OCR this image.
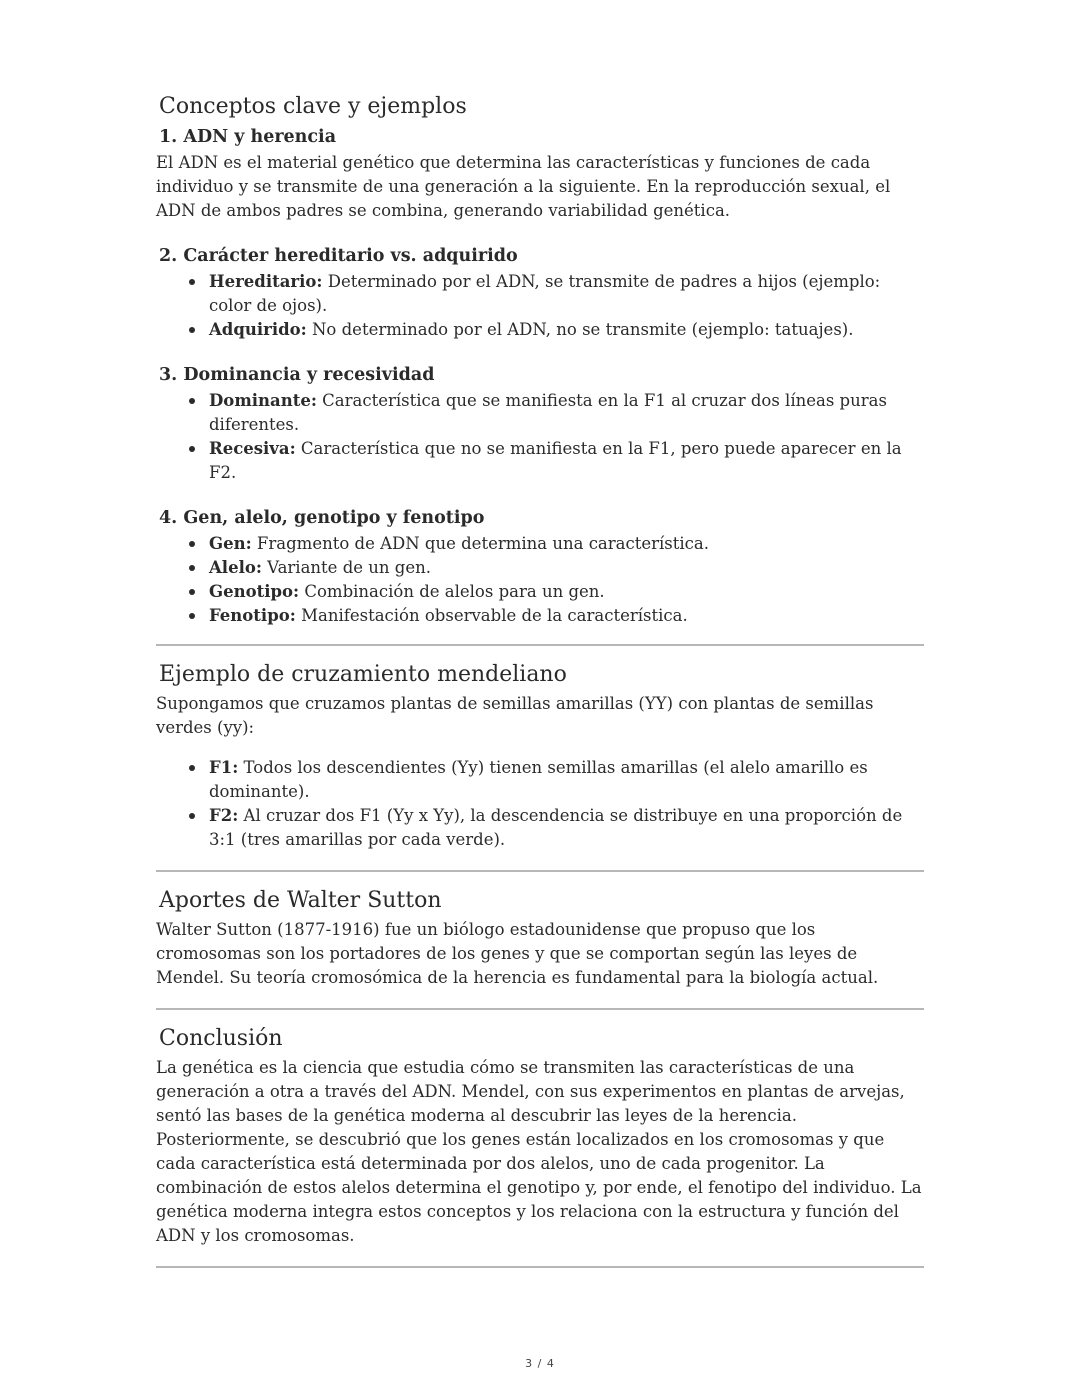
Conceptos clave y ejemplos
1. ADN y herencia

El ADN es el material genético que determina las características y funciones de cada individuo y se transmite de una generación a la siguiente. En la reproducción sexual, el ADN de ambos padres se combina, generando variabilidad genética.

2. Carácter hereditario vs. adquirido
Hereditario: Determinado por el ADN, se transmite de padres a hijos (ejemplo: color de ojos).
Adquirido: No determinado por el ADN, no se transmite (ejemplo: tatuajes).
3. Dominancia y recesividad
Dominante: Característica que se manifiesta en la F1 al cruzar dos líneas puras diferentes.
Recesiva: Característica que no se manifiesta en la F1, pero puede aparecer en la F2.
4. Gen, alelo, genotipo y fenotipo
Gen: Fragmento de ADN que determina una característica.
Alelo: Variante de un gen.
Genotipo: Combinación de alelos para un gen.
Fenotipo: Manifestación observable de la característica.
Ejemplo de cruzamiento mendeliano

Supongamos que cruzamos plantas de semillas amarillas (YY) con plantas de semillas verdes (yy):

F1: Todos los descendientes (Yy) tienen semillas amarillas (el alelo amarillo es dominante).
F2: Al cruzar dos F1 (Yy x Yy), la descendencia se distribuye en una proporción de 3:1 (tres amarillas por cada verde).
Aportes de Walter Sutton

Walter Sutton (1877-1916) fue un biólogo estadounidense que propuso que los cromosomas son los portadores de los genes y que se comportan según las leyes de Mendel. Su teoría cromosómica de la herencia es fundamental para la biología actual.

Conclusión

La genética es la ciencia que estudia cómo se transmiten las características de una generación a otra a través del ADN. Mendel, con sus experimentos en plantas de arvejas, sentó las bases de la genética moderna al descubrir las leyes de la herencia. Posteriormente, se descubrió que los genes están localizados en los cromosomas y que cada característica está determinada por dos alelos, uno de cada progenitor. La combinación de estos alelos determina el genotipo y, por ende, el fenotipo del individuo. La genética moderna integra estos conceptos y los relaciona con la estructura y función del ADN y los cromosomas.

3 / 4
